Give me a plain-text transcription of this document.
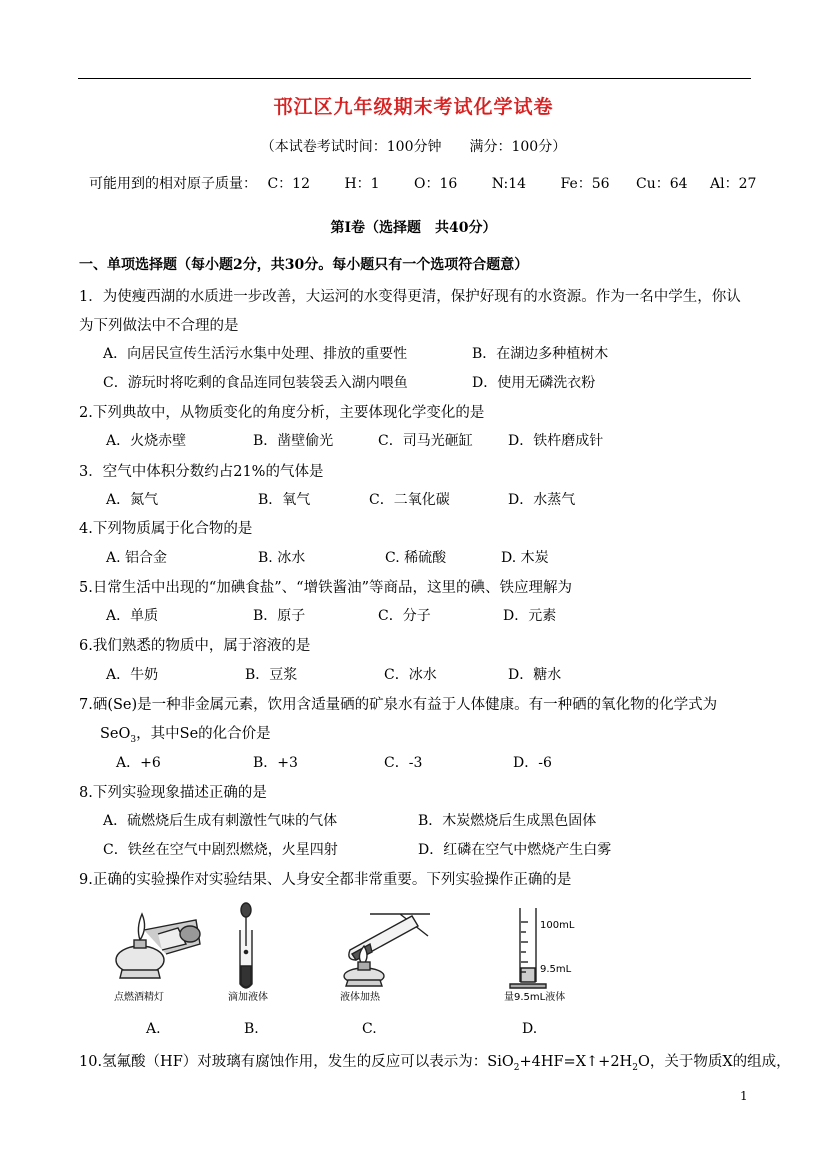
邗江区九年级期末考试化学试卷
（本试卷考试时间：100分钟　　满分：100分）
可能用到的相对原子质量： C：12 H：1 O：16 N:14 Fe：56 Cu：64 Al：27
第Ⅰ卷（选择题　共40分）
一、单项选择题（每小题2分，共30分。每小题只有一个选项符合题意）
1．为使瘦西湖的水质进一步改善，大运河的水变得更清，保护好现有的水资源。作为一名中学生，你认
为下列做法中不合理的是
A．向居民宣传生活污水集中处理、排放的重要性	B．在湖边多种植树木
C．游玩时将吃剩的食品连同包装袋丢入湖内喂鱼	D．使用无磷洗衣粉
2.下列典故中，从物质变化的角度分析，主要体现化学变化的是
A．火烧赤壁	B．凿壁偷光	C．司马光砸缸	D．铁杵磨成针
3．空气中体积分数约占21%的气体是
A．氮气	B．氧气	C．二氧化碳	D．水蒸气
4.下列物质属于化合物的是
A. 铝合金	B. 冰水	C. 稀硫酸	D. 木炭
5.日常生活中出现的“加碘食盐”、“增铁酱油”等商品，这里的碘、铁应理解为
A．单质	B．原子	C．分子	D．元素
6.我们熟悉的物质中，属于溶液的是
A．牛奶	B．豆浆	C．冰水	D．糖水
7.硒(Se)是一种非金属元素，饮用含适量硒的矿泉水有益于人体健康。有一种硒的氧化物的化学式为
SeO$_3$，其中Se的化合价是
A．+6	B．+3	C．-3	D．-6
8.下列实验现象描述正确的是
A．硫燃烧后生成有刺激性气味的气体	B．木炭燃烧后生成黑色固体
C．铁丝在空气中剧烈燃烧，火星四射	D．红磷在空气中燃烧产生白雾
9.正确的实验操作对实验结果、人身安全都非常重要。下列实验操作正确的是
点燃酒精灯	滴加液体	液体加热
100mL
9.5mL
量9.5mL液体
A.	B.	C.	D.
10.氢氟酸（HF）对玻璃有腐蚀作用，发生的反应可以表示为：$SiO_2+4HF=X↑+2H_2O$，关于物质X的组成，
1
